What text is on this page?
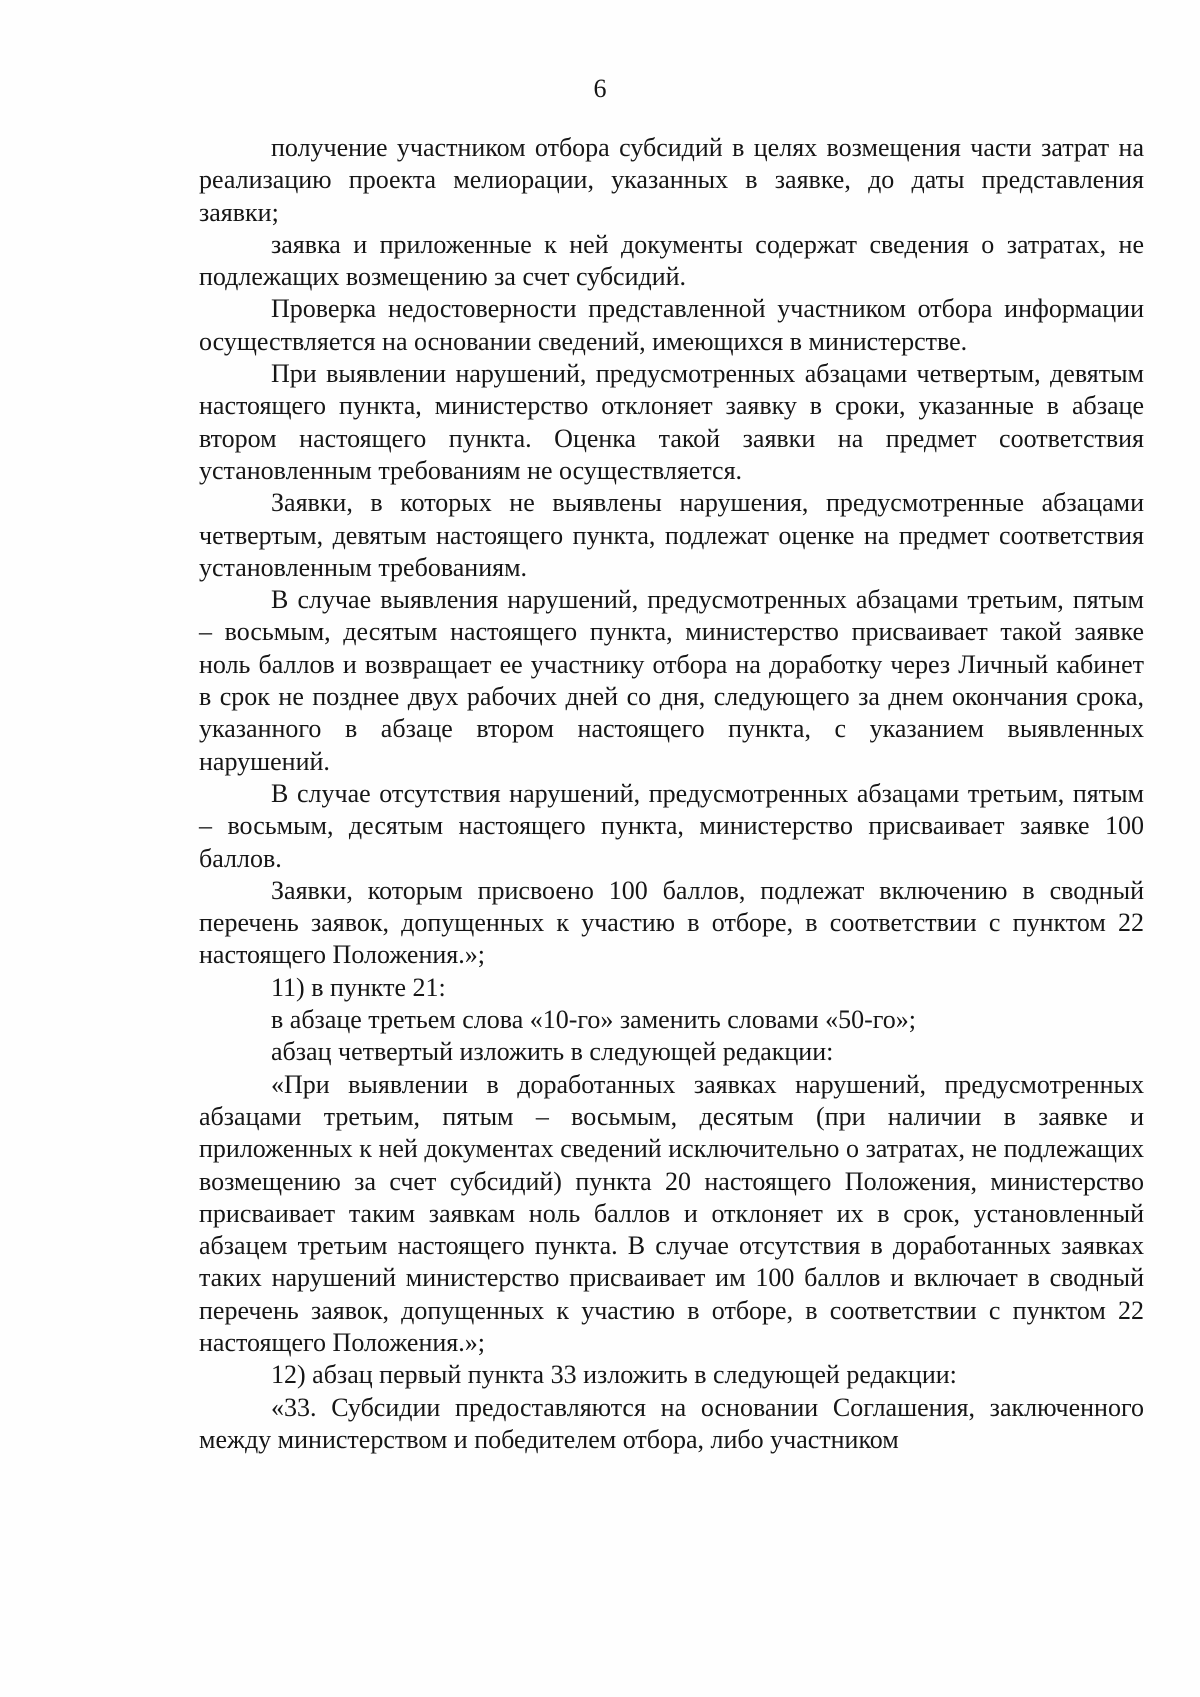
6

получение участником отбора субсидий в целях возмещения части затрат на реализацию проекта мелиорации, указанных в заявке, до даты представления заявки;

заявка и приложенные к ней документы содержат сведения о затратах, не подлежащих возмещению за счет субсидий.

Проверка недостоверности представленной участником отбора информации осуществляется на основании сведений, имеющихся в министерстве.

При выявлении нарушений, предусмотренных абзацами четвертым, девятым настоящего пункта, министерство отклоняет заявку в сроки, указанные в абзаце втором настоящего пункта. Оценка такой заявки на предмет соответствия установленным требованиям не осуществляется.

Заявки, в которых не выявлены нарушения, предусмотренные абзацами четвертым, девятым настоящего пункта, подлежат оценке на предмет соответствия установленным требованиям.

В случае выявления нарушений, предусмотренных абзацами третьим, пятым – восьмым, десятым настоящего пункта, министерство присваивает такой заявке ноль баллов и возвращает ее участнику отбора на доработку через Личный кабинет в срок не позднее двух рабочих дней со дня, следующего за днем окончания срока, указанного в абзаце втором настоящего пункта, с указанием выявленных нарушений.

В случае отсутствия нарушений, предусмотренных абзацами третьим, пятым – восьмым, десятым настоящего пункта, министерство присваивает заявке 100 баллов.

Заявки, которым присвоено 100 баллов, подлежат включению в сводный перечень заявок, допущенных к участию в отборе, в соответствии с пунктом 22 настоящего Положения.»;

11) в пункте 21:

в абзаце третьем слова «10-го» заменить словами «50-го»;

абзац четвертый изложить в следующей редакции:

«При выявлении в доработанных заявках нарушений, предусмотренных абзацами третьим, пятым – восьмым, десятым (при наличии в заявке и приложенных к ней документах сведений исключительно о затратах, не подлежащих возмещению за счет субсидий) пункта 20 настоящего Положения, министерство присваивает таким заявкам ноль баллов и отклоняет их в срок, установленный абзацем третьим настоящего пункта. В случае отсутствия в доработанных заявках таких нарушений министерство присваивает им 100 баллов и включает в сводный перечень заявок, допущенных к участию в отборе, в соответствии с пунктом 22 настоящего Положения.»;

12) абзац первый пункта 33 изложить в следующей редакции:

«33. Субсидии предоставляются на основании Соглашения, заключенного между министерством и победителем отбора, либо участником
